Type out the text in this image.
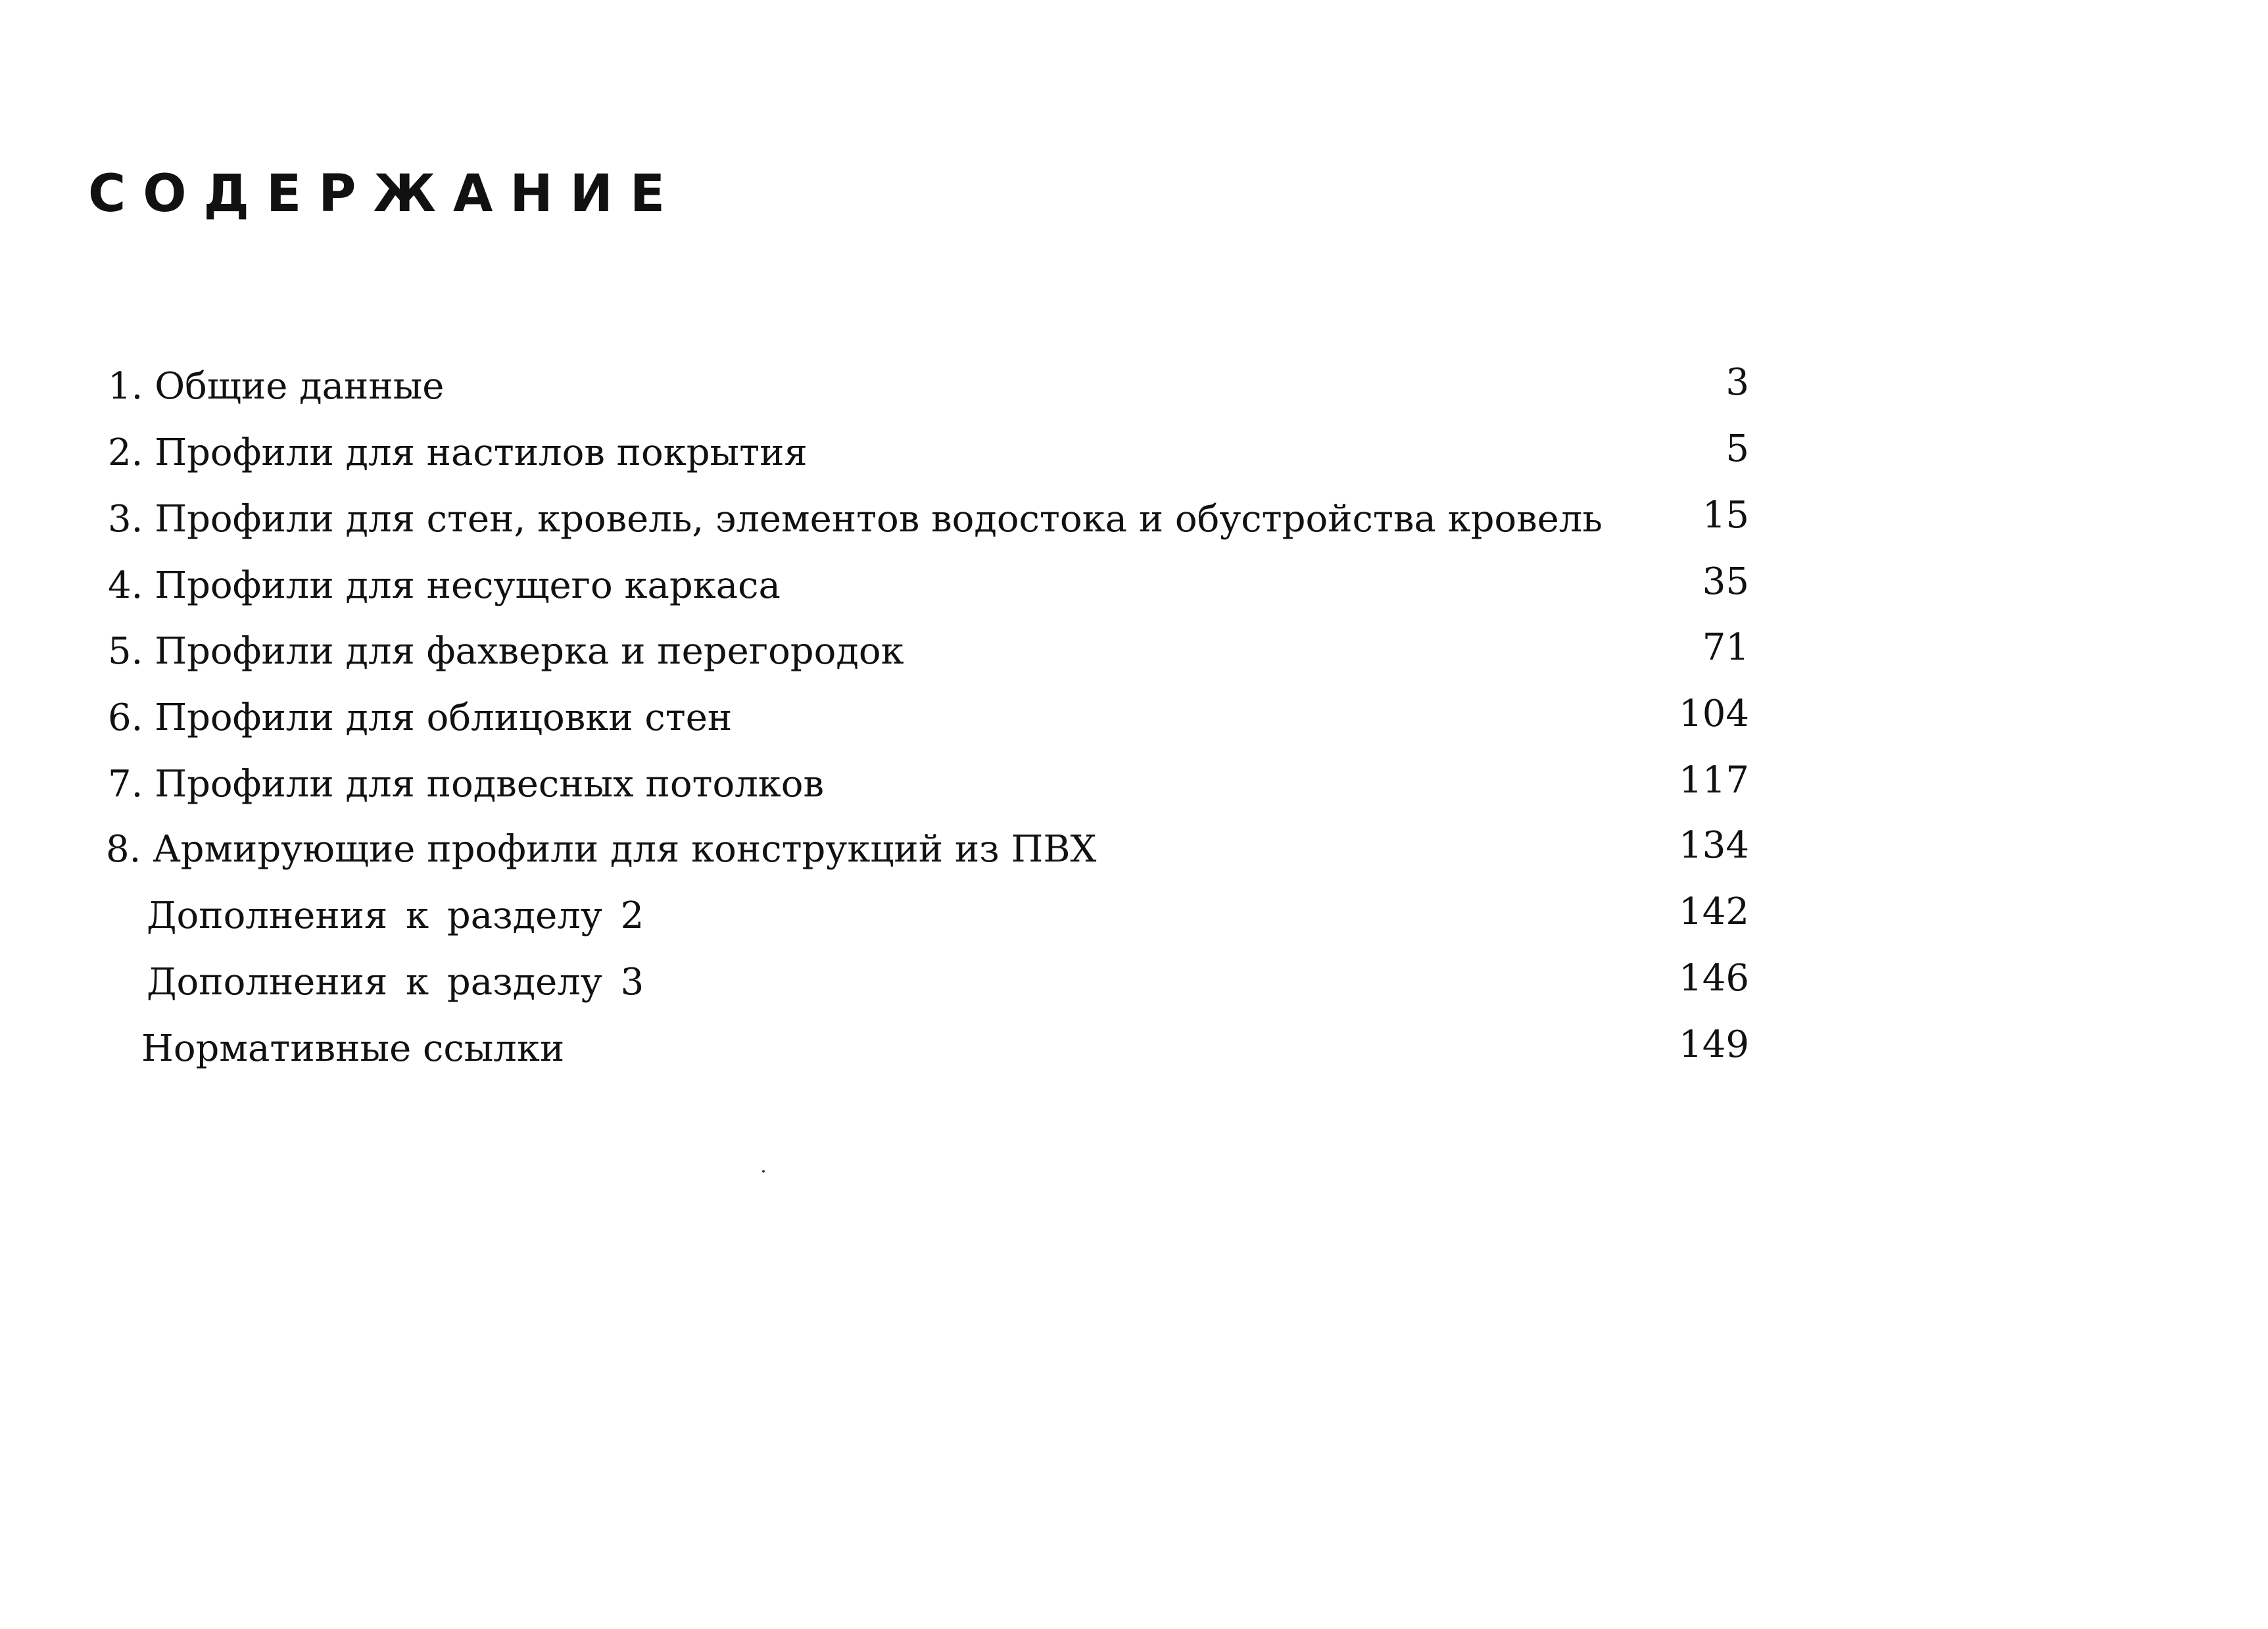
СОДЕРЖАНИЕ
1. Общие данные	3
2. Профили для настилов покрытия	5
3. Профили для стен, кровель, элементов водостока и обустройства кровель	15
4. Профили для несущего каркаса	35
5. Профили для фахверка и перегородок	71
6. Профили для облицовки стен	104
7. Профили для подвесных потолков	117
8. Армирующие профили для конструкций из ПВХ	134
Дополнения к разделу 2	142
Дополнения к разделу 3	146
Нормативные ссылки	149
